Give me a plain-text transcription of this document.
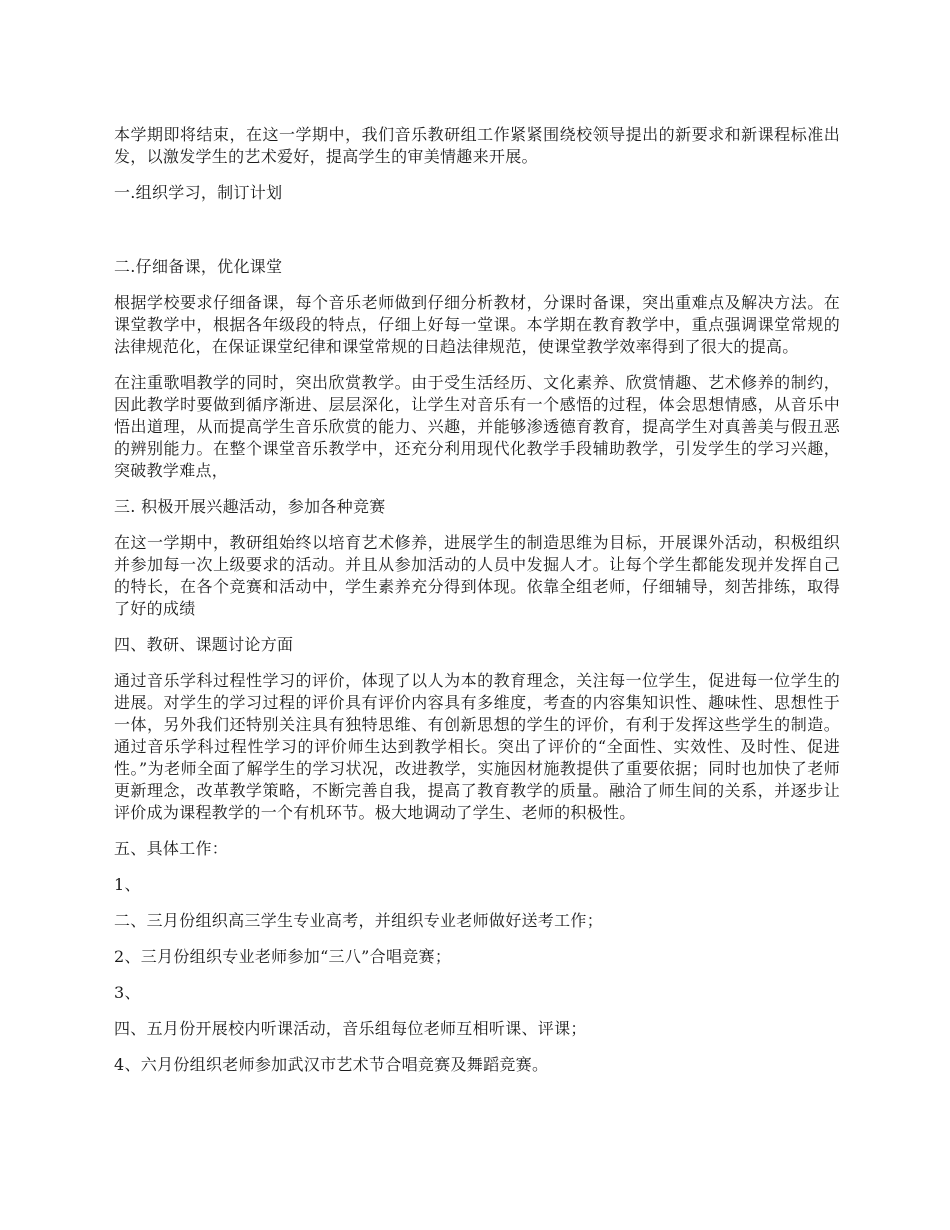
本学期即将结束，在这一学期中，我们音乐教研组工作紧紧围绕校领导提出的新要求和新课程标准出发，以激发学生的艺术爱好，提高学生的审美情趣来开展。

一.组织学习，制订计划

二.仔细备课，优化课堂

根据学校要求仔细备课，每个音乐老师做到仔细分析教材，分课时备课，突出重难点及解决方法。在课堂教学中，根据各年级段的特点，仔细上好每一堂课。本学期在教育教学中，重点强调课堂常规的法律规范化，在保证课堂纪律和课堂常规的日趋法律规范，使课堂教学效率得到了很大的提高。

在注重歌唱教学的同时，突出欣赏教学。由于受生活经历、文化素养、欣赏情趣、艺术修养的制约，因此教学时要做到循序渐进、层层深化，让学生对音乐有一个感悟的过程，体会思想情感，从音乐中悟出道理，从而提高学生音乐欣赏的能力、兴趣，并能够渗透德育教育，提高学生对真善美与假丑恶的辨别能力。在整个课堂音乐教学中，还充分利用现代化教学手段辅助教学，引发学生的学习兴趣，突破教学难点，

三. 积极开展兴趣活动，参加各种竞赛

在这一学期中，教研组始终以培育艺术修养，进展学生的制造思维为目标，开展课外活动，积极组织并参加每一次上级要求的活动。并且从参加活动的人员中发掘人才。让每个学生都能发现并发挥自己的特长，在各个竞赛和活动中，学生素养充分得到体现。依靠全组老师，仔细辅导，刻苦排练，取得了好的成绩

四、教研、课题讨论方面

通过音乐学科过程性学习的评价，体现了以人为本的教育理念，关注每一位学生，促进每一位学生的进展。对学生的学习过程的评价具有评价内容具有多维度，考查的内容集知识性、趣味性、思想性于一体，另外我们还特别关注具有独特思维、有创新思想的学生的评价，有利于发挥这些学生的制造。通过音乐学科过程性学习的评价师生达到教学相长。突出了评价的“全面性、实效性、及时性、促进性。”为老师全面了解学生的学习状况，改进教学，实施因材施教提供了重要依据；同时也加快了老师更新理念，改革教学策略，不断完善自我，提高了教育教学的质量。融洽了师生间的关系，并逐步让评价成为课程教学的一个有机环节。极大地调动了学生、老师的积极性。

五、具体工作：

1、

二、三月份组织高三学生专业高考，并组织专业老师做好送考工作；

2、三月份组织专业老师参加“三八”合唱竞赛；

3、

四、五月份开展校内听课活动，音乐组每位老师互相听课、评课；

4、六月份组织老师参加武汉市艺术节合唱竞赛及舞蹈竞赛。
